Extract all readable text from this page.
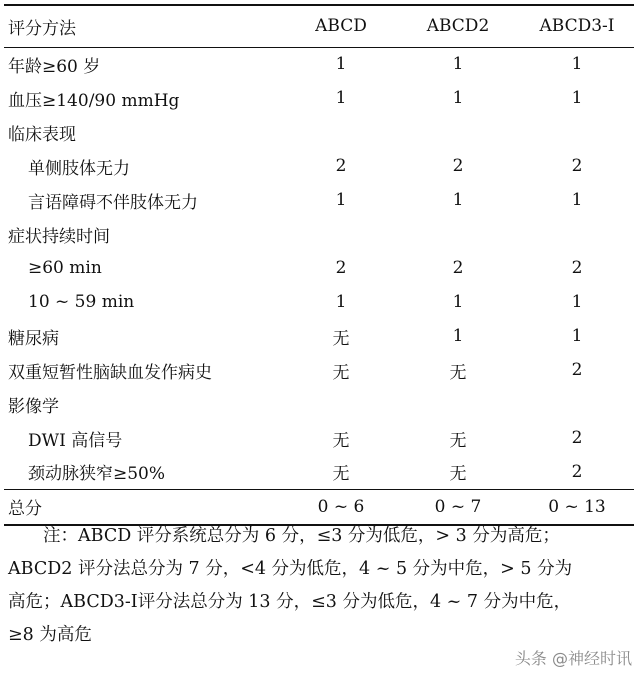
评分方法	ABCD	ABCD2	ABCD3-Ⅰ
年龄≥60 岁	1	1	1
血压≥140/90 mmHg	1	1	1
临床表现			
单侧肢体无力	2	2	2
言语障碍不伴肢体无力	1	1	1
症状持续时间			
≥60 min	2	2	2
10 ~ 59 min	1	1	1
糖尿病	无	1	1
双重短暂性脑缺血发作病史	无	无	2
影像学			
DWI 高信号	无	无	2
颈动脉狭窄≥50%	无	无	2
总分	0 ~ 6	0 ~ 7	0 ~ 13

　　注：ABCD 评分系统总分为 6 分，≤3 分为低危，> 3 分为高危；

ABCD2 评分法总分为 7 分，<4 分为低危，4 ~ 5 分为中危，> 5 分为

高危；ABCD3-Ⅰ评分法总分为 13 分，≤3 分为低危，4 ~ 7 分为中危，

≥8 为高危

头条 @神经时讯
